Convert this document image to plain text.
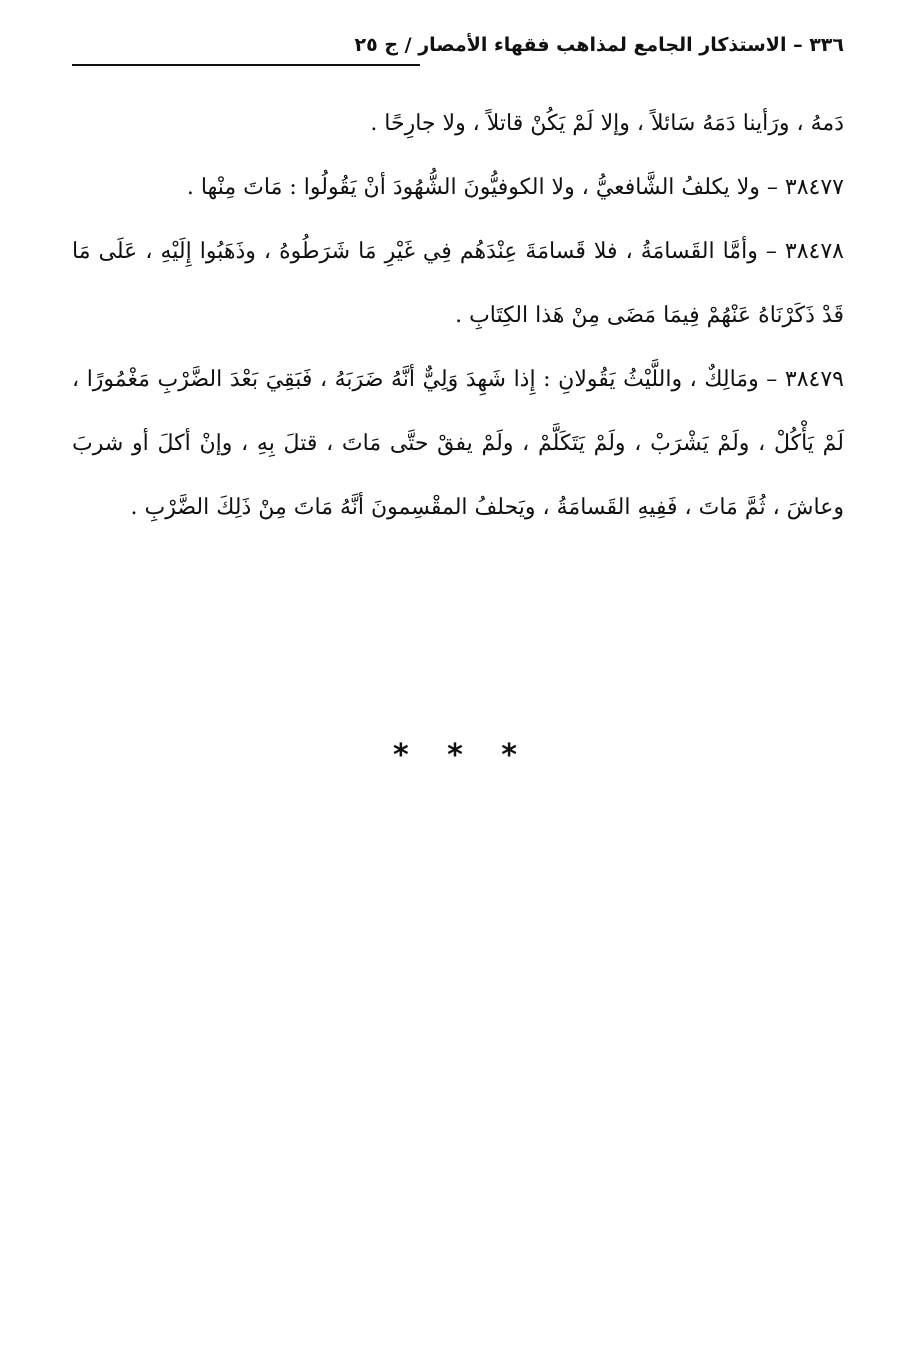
٣٣٦ – الاستذكار الجامع لمذاهب فقهاء الأمصار / ج ٢٥

دَمهُ ، ورَأينا دَمَهُ سَائلاً ، وإلا لَمْ يَكُنْ قاتلاً ، ولا جارِحًا .

٣٨٤٧٧ – ولا يكلفُ الشَّافعيُّ ، ولا الكوفيُّونَ الشُّهُودَ أنْ يَقُولُوا : مَاتَ مِنْها .

٣٨٤٧٨ – وأمَّا القَسامَةُ ، فلا قَسامَةَ عِنْدَهُم فِي غَيْرِ مَا شَرَطُوهُ ، وذَهَبُوا إِلَيْهِ ، عَلَى مَا قَدْ ذَكَرْنَاهُ عَنْهُمْ فِيمَا مَضَى مِنْ هَذا الكِتَابِ .

٣٨٤٧٩ – ومَالِكٌ ، واللَّيْثُ يَقُولانِ : إِذا شَهِدَ وَلِيٌّ أنَّهُ ضَرَبَهُ ، فَبَقِيَ بَعْدَ الضَّرْبِ مَغْمُورًا ، لَمْ يَأْكُلْ ، ولَمْ يَشْرَبْ ، ولَمْ يَتَكَلَّمْ ، ولَمْ يفقْ حتَّى مَاتَ ، قتلَ بِهِ ، وإنْ أكلَ أو شربَ وعاشَ ، ثُمَّ مَاتَ ، فَفِيهِ القَسامَةُ ، ويَحلفُ المقْسِمونَ أنَّهُ مَاتَ مِنْ ذَلِكَ الضَّرْبِ .

* * *
